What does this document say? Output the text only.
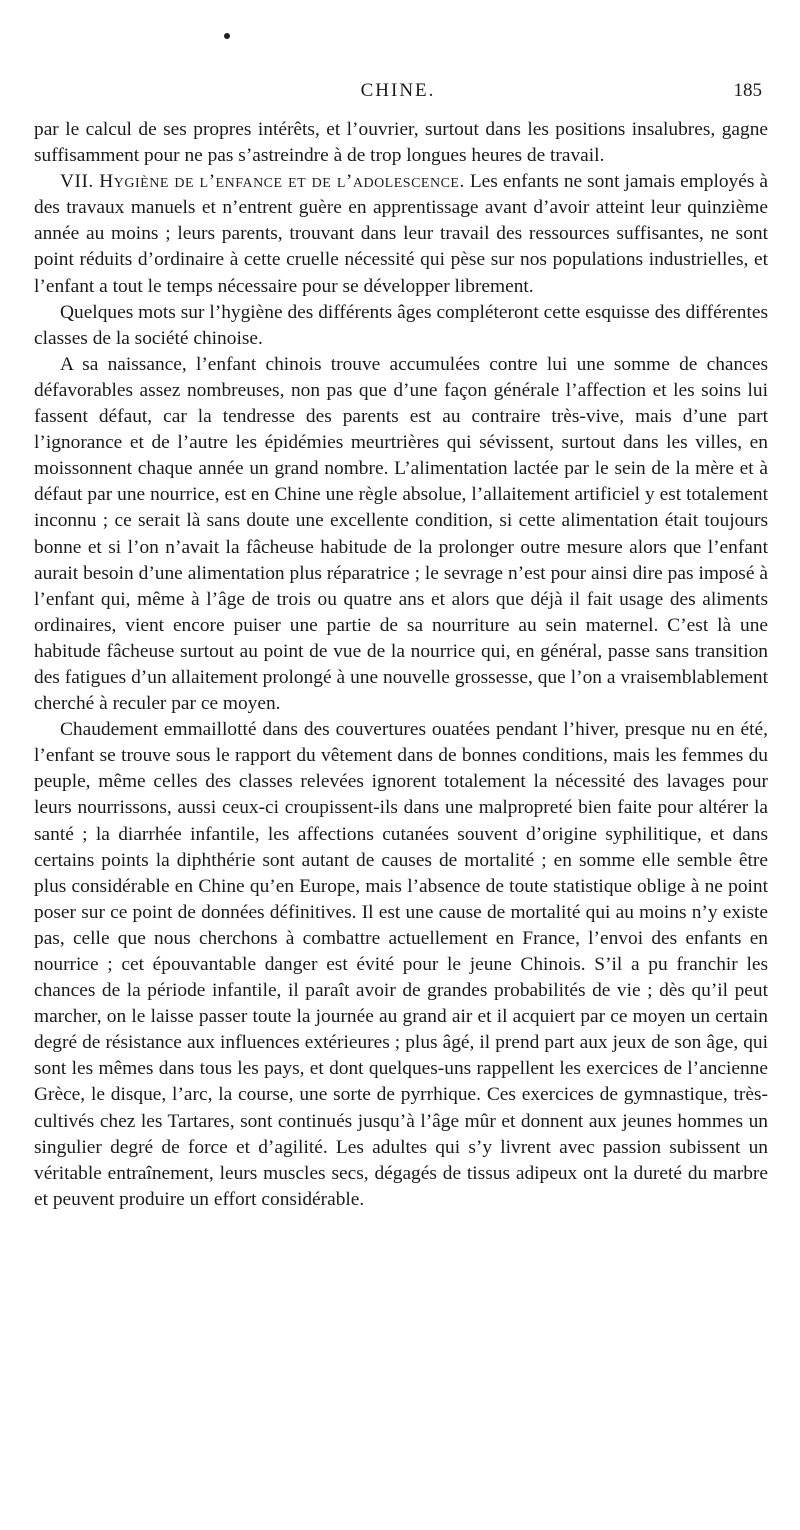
CHINE.	185

par le calcul de ses propres intérêts, et l’ouvrier, surtout dans les positions insalubres, gagne suffisamment pour ne pas s’astreindre à de trop longues heures de travail.

VII. Hygiène de l’enfance et de l’adolescence. Les enfants ne sont jamais employés à des travaux manuels et n’entrent guère en apprentissage avant d’avoir atteint leur quinzième année au moins ; leurs parents, trouvant dans leur travail des ressources suffisantes, ne sont point réduits d’ordinaire à cette cruelle nécessité qui pèse sur nos populations industrielles, et l’enfant a tout le temps nécessaire pour se développer librement.

Quelques mots sur l’hygiène des différents âges compléteront cette esquisse des différentes classes de la société chinoise.

A sa naissance, l’enfant chinois trouve accumulées contre lui une somme de chances défavorables assez nombreuses, non pas que d’une façon générale l’affection et les soins lui fassent défaut, car la tendresse des parents est au contraire très-vive, mais d’une part l’ignorance et de l’autre les épidémies meurtrières qui sévissent, surtout dans les villes, en moissonnent chaque année un grand nombre. L’alimentation lactée par le sein de la mère et à défaut par une nourrice, est en Chine une règle absolue, l’allaitement artificiel y est totalement inconnu ; ce serait là sans doute une excellente condition, si cette alimentation était toujours bonne et si l’on n’avait la fâcheuse habitude de la prolonger outre mesure alors que l’enfant aurait besoin d’une alimentation plus réparatrice ; le sevrage n’est pour ainsi dire pas imposé à l’enfant qui, même à l’âge de trois ou quatre ans et alors que déjà il fait usage des aliments ordinaires, vient encore puiser une partie de sa nourriture au sein maternel. C’est là une habitude fâcheuse surtout au point de vue de la nourrice qui, en général, passe sans transition des fatigues d’un allaitement prolongé à une nouvelle grossesse, que l’on a vraisemblablement cherché à reculer par ce moyen.

Chaudement emmaillotté dans des couvertures ouatées pendant l’hiver, presque nu en été, l’enfant se trouve sous le rapport du vêtement dans de bonnes conditions, mais les femmes du peuple, même celles des classes relevées ignorent totalement la nécessité des lavages pour leurs nourrissons, aussi ceux-ci croupissent-ils dans une malpropreté bien faite pour altérer la santé ; la diarrhée infantile, les affections cutanées souvent d’origine syphilitique, et dans certains points la diphthérie sont autant de causes de mortalité ; en somme elle semble être plus considérable en Chine qu’en Europe, mais l’absence de toute statistique oblige à ne point poser sur ce point de données définitives. Il est une cause de mortalité qui au moins n’y existe pas, celle que nous cherchons à combattre actuellement en France, l’envoi des enfants en nourrice ; cet épouvantable danger est évité pour le jeune Chinois. S’il a pu franchir les chances de la période infantile, il paraît avoir de grandes probabilités de vie ; dès qu’il peut marcher, on le laisse passer toute la journée au grand air et il acquiert par ce moyen un certain degré de résistance aux influences extérieures ; plus âgé, il prend part aux jeux de son âge, qui sont les mêmes dans tous les pays, et dont quelques-uns rappellent les exercices de l’ancienne Grèce, le disque, l’arc, la course, une sorte de pyrrhique. Ces exercices de gymnastique, très-cultivés chez les Tartares, sont continués jusqu’à l’âge mûr et donnent aux jeunes hommes un singulier degré de force et d’agilité. Les adultes qui s’y livrent avec passion subissent un véritable entraînement, leurs muscles secs, dégagés de tissus adipeux ont la dureté du marbre et peuvent produire un effort considérable.
